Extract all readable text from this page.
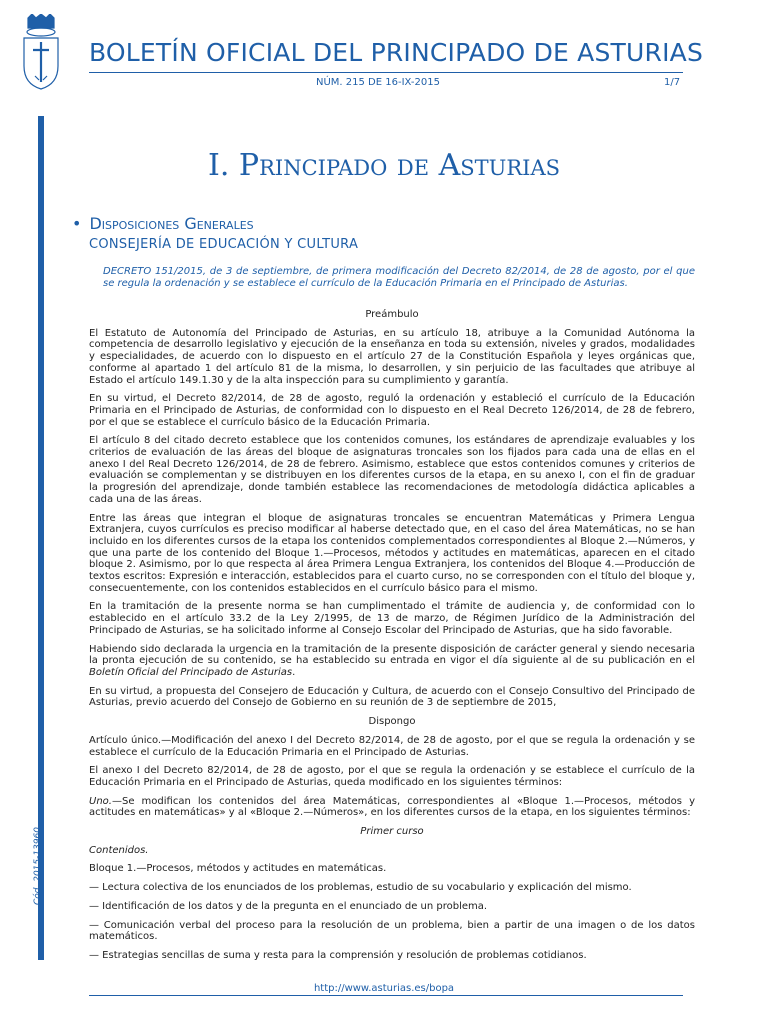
BOLETÍN OFICIAL DEL PRINCIPADO DE ASTURIAS
NÚM. 215 DE 16-IX-2015	1/7
Cód. 2015-13960
I. Principado de Asturias
• Disposiciones Generales
CONSEJERÍA DE EDUCACIÓN Y CULTURA
DECRETO 151/2015, de 3 de septiembre, de primera modificación del Decreto 82/2014, de 28 de agosto, por el que se regula la ordenación y se establece el currículo de la Educación Primaria en el Principado de Asturias.

Preámbulo

El Estatuto de Autonomía del Principado de Asturias, en su artículo 18, atribuye a la Comunidad Autónoma la competencia de desarrollo legislativo y ejecución de la enseñanza en toda su extensión, niveles y grados, modalidades y especialidades, de acuerdo con lo dispuesto en el artículo 27 de la Constitución Española y leyes orgánicas que, conforme al apartado 1 del artículo 81 de la misma, lo desarrollen, y sin perjuicio de las facultades que atribuye al Estado el artículo 149.1.30 y de la alta inspección para su cumplimiento y garantía.

En su virtud, el Decreto 82/2014, de 28 de agosto, reguló la ordenación y estableció el currículo de la Educación Primaria en el Principado de Asturias, de conformidad con lo dispuesto en el Real Decreto 126/2014, de 28 de febrero, por el que se establece el currículo básico de la Educación Primaria.

El artículo 8 del citado decreto establece que los contenidos comunes, los estándares de aprendizaje evaluables y los criterios de evaluación de las áreas del bloque de asignaturas troncales son los fijados para cada una de ellas en el anexo I del Real Decreto 126/2014, de 28 de febrero. Asimismo, establece que estos contenidos comunes y criterios de evaluación se complementan y se distribuyen en los diferentes cursos de la etapa, en su anexo I, con el fin de graduar la progresión del aprendizaje, donde también establece las recomendaciones de metodología didáctica aplicables a cada una de las áreas.

Entre las áreas que integran el bloque de asignaturas troncales se encuentran Matemáticas y Primera Lengua Extranjera, cuyos currículos es preciso modificar al haberse detectado que, en el caso del área Matemáticas, no se han incluido en los diferentes cursos de la etapa los contenidos complementados correspondientes al Bloque 2.—Números, y que una parte de los contenido del Bloque 1.—Procesos, métodos y actitudes en matemáticas, aparecen en el citado bloque 2. Asimismo, por lo que respecta al área Primera Lengua Extranjera, los contenidos del Bloque 4.—Producción de textos escritos: Expresión e interacción, establecidos para el cuarto curso, no se corresponden con el título del bloque y, consecuentemente, con los contenidos establecidos en el currículo básico para el mismo.

En la tramitación de la presente norma se han cumplimentado el trámite de audiencia y, de conformidad con lo establecido en el artículo 33.2 de la Ley 2/1995, de 13 de marzo, de Régimen Jurídico de la Administración del Principado de Asturias, se ha solicitado informe al Consejo Escolar del Principado de Asturias, que ha sido favorable.

Habiendo sido declarada la urgencia en la tramitación de la presente disposición de carácter general y siendo necesaria la pronta ejecución de su contenido, se ha establecido su entrada en vigor el día siguiente al de su publicación en el Boletín Oficial del Principado de Asturias.

En su virtud, a propuesta del Consejero de Educación y Cultura, de acuerdo con el Consejo Consultivo del Principado de Asturias, previo acuerdo del Consejo de Gobierno en su reunión de 3 de septiembre de 2015,

Dispongo

Artículo único.—Modificación del anexo I del Decreto 82/2014, de 28 de agosto, por el que se regula la ordenación y se establece el currículo de la Educación Primaria en el Principado de Asturias.

El anexo I del Decreto 82/2014, de 28 de agosto, por el que se regula la ordenación y se establece el currículo de la Educación Primaria en el Principado de Asturias, queda modificado en los siguientes términos:

Uno.—Se modifican los contenidos del área Matemáticas, correspondientes al «Bloque 1.—Procesos, métodos y actitudes en matemáticas» y al «Bloque 2.—Números», en los diferentes cursos de la etapa, en los siguientes términos:

Primer curso

Contenidos.

Bloque 1.—Procesos, métodos y actitudes en matemáticas.

— Lectura colectiva de los enunciados de los problemas, estudio de su vocabulario y explicación del mismo.

— Identificación de los datos y de la pregunta en el enunciado de un problema.

— Comunicación verbal del proceso para la resolución de un problema, bien a partir de una imagen o de los datos matemáticos.

— Estrategias sencillas de suma y resta para la comprensión y resolución de problemas cotidianos.

http://www.asturias.es/bopa
